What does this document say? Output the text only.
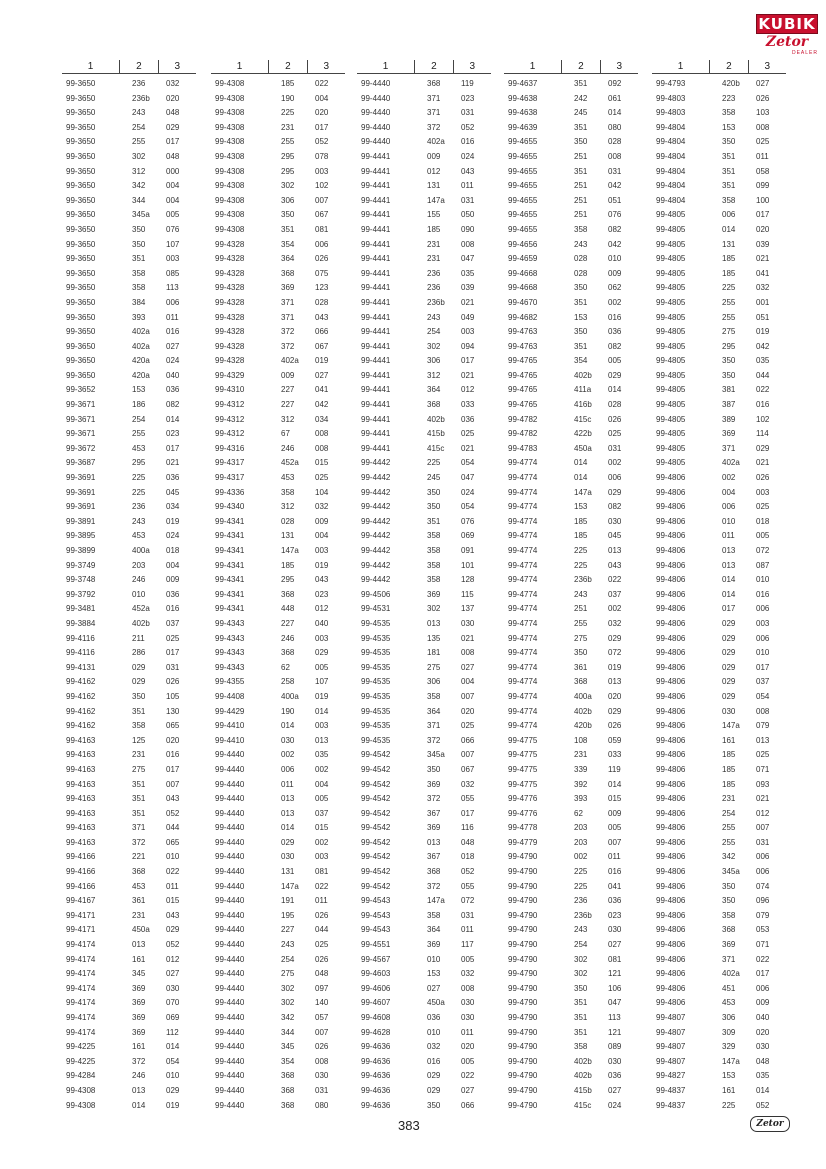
KUBIK
Zetor
DEALER
1	2	3
99-3650	236	032
99-3650	236b	020
99-3650	243	048
99-3650	254	029
99-3650	255	017
99-3650	302	048
99-3650	312	000
99-3650	342	004
99-3650	344	004
99-3650	345a	005
99-3650	350	076
99-3650	350	107
99-3650	351	003
99-3650	358	085
99-3650	358	113
99-3650	384	006
99-3650	393	011
99-3650	402a	016
99-3650	402a	027
99-3650	420a	024
99-3650	420a	040
99-3652	153	036
99-3671	186	082
99-3671	254	014
99-3671	255	023
99-3672	453	017
99-3687	295	021
99-3691	225	036
99-3691	225	045
99-3691	236	034
99-3891	243	019
99-3895	453	024
99-3899	400a	018
99-3749	203	004
99-3748	246	009
99-3792	010	036
99-3481	452a	016
99-3884	402b	037
99-4116	211	025
99-4116	286	017
99-4131	029	031
99-4162	029	026
99-4162	350	105
99-4162	351	130
99-4162	358	065
99-4163	125	020
99-4163	231	016
99-4163	275	017
99-4163	351	007
99-4163	351	043
99-4163	351	052
99-4163	371	044
99-4163	372	065
99-4166	221	010
99-4166	368	022
99-4166	453	011
99-4167	361	015
99-4171	231	043
99-4171	450a	029
99-4174	013	052
99-4174	161	012
99-4174	345	027
99-4174	369	030
99-4174	369	070
99-4174	369	069
99-4174	369	112
99-4225	161	014
99-4225	372	054
99-4284	246	010
99-4308	013	029
99-4308	014	019
1	2	3
99-4308	185	022
99-4308	190	004
99-4308	225	020
99-4308	231	017
99-4308	255	052
99-4308	295	078
99-4308	295	003
99-4308	302	102
99-4308	306	007
99-4308	350	067
99-4308	351	081
99-4328	354	006
99-4328	364	026
99-4328	368	075
99-4328	369	123
99-4328	371	028
99-4328	371	043
99-4328	372	066
99-4328	372	067
99-4328	402a	019
99-4329	009	027
99-4310	227	041
99-4312	227	042
99-4312	312	034
99-4312	67	008
99-4316	246	008
99-4317	452a	015
99-4317	453	025
99-4336	358	104
99-4340	312	032
99-4341	028	009
99-4341	131	004
99-4341	147a	003
99-4341	185	019
99-4341	295	043
99-4341	368	023
99-4341	448	012
99-4343	227	040
99-4343	246	003
99-4343	368	029
99-4343	62	005
99-4355	258	107
99-4408	400a	019
99-4429	190	014
99-4410	014	003
99-4410	030	013
99-4440	002	035
99-4440	006	002
99-4440	011	004
99-4440	013	005
99-4440	013	037
99-4440	014	015
99-4440	029	002
99-4440	030	003
99-4440	131	081
99-4440	147a	022
99-4440	191	011
99-4440	195	026
99-4440	227	044
99-4440	243	025
99-4440	254	026
99-4440	275	048
99-4440	302	097
99-4440	302	140
99-4440	342	057
99-4440	344	007
99-4440	345	026
99-4440	354	008
99-4440	368	030
99-4440	368	031
99-4440	368	080
1	2	3
99-4440	368	119
99-4440	371	023
99-4440	371	031
99-4440	372	052
99-4440	402a	016
99-4441	009	024
99-4441	012	043
99-4441	131	011
99-4441	147a	031
99-4441	155	050
99-4441	185	090
99-4441	231	008
99-4441	231	047
99-4441	236	035
99-4441	236	039
99-4441	236b	021
99-4441	243	049
99-4441	254	003
99-4441	302	094
99-4441	306	017
99-4441	312	021
99-4441	364	012
99-4441	368	033
99-4441	402b	036
99-4441	415b	025
99-4441	415c	021
99-4442	225	054
99-4442	245	047
99-4442	350	024
99-4442	350	054
99-4442	351	076
99-4442	358	069
99-4442	358	091
99-4442	358	101
99-4442	358	128
99-4506	369	115
99-4531	302	137
99-4535	013	030
99-4535	135	021
99-4535	181	008
99-4535	275	027
99-4535	306	004
99-4535	358	007
99-4535	364	020
99-4535	371	025
99-4535	372	066
99-4542	345a	007
99-4542	350	067
99-4542	369	032
99-4542	372	055
99-4542	367	017
99-4542	369	116
99-4542	013	048
99-4542	367	018
99-4542	368	052
99-4542	372	055
99-4543	147a	072
99-4543	358	031
99-4543	364	011
99-4551	369	117
99-4567	010	005
99-4603	153	032
99-4606	027	008
99-4607	450a	030
99-4608	036	030
99-4628	010	011
99-4636	032	020
99-4636	016	005
99-4636	029	022
99-4636	029	027
99-4636	350	066
1	2	3
99-4637	351	092
99-4638	242	061
99-4638	245	014
99-4639	351	080
99-4655	350	028
99-4655	251	008
99-4655	351	031
99-4655	251	042
99-4655	251	051
99-4655	251	076
99-4655	358	082
99-4656	243	042
99-4659	028	010
99-4668	028	009
99-4668	350	062
99-4670	351	002
99-4682	153	016
99-4763	350	036
99-4763	351	082
99-4765	354	005
99-4765	402b	029
99-4765	411a	014
99-4765	416b	028
99-4782	415c	026
99-4782	422b	025
99-4783	450a	031
99-4774	014	002
99-4774	014	006
99-4774	147a	029
99-4774	153	082
99-4774	185	030
99-4774	185	045
99-4774	225	013
99-4774	225	043
99-4774	236b	022
99-4774	243	037
99-4774	251	002
99-4774	255	032
99-4774	275	029
99-4774	350	072
99-4774	361	019
99-4774	368	013
99-4774	400a	020
99-4774	402b	029
99-4774	420b	026
99-4775	108	059
99-4775	231	033
99-4775	339	119
99-4775	392	014
99-4776	393	015
99-4776	62	009
99-4778	203	005
99-4779	203	007
99-4790	002	011
99-4790	225	016
99-4790	225	041
99-4790	236	036
99-4790	236b	023
99-4790	243	030
99-4790	254	027
99-4790	302	081
99-4790	302	121
99-4790	350	106
99-4790	351	047
99-4790	351	113
99-4790	351	121
99-4790	358	089
99-4790	402b	030
99-4790	402b	036
99-4790	415b	027
99-4790	415c	024
1	2	3
99-4793	420b	027
99-4803	223	026
99-4803	358	103
99-4804	153	008
99-4804	350	025
99-4804	351	011
99-4804	351	058
99-4804	351	099
99-4804	358	100
99-4805	006	017
99-4805	014	020
99-4805	131	039
99-4805	185	021
99-4805	185	041
99-4805	225	032
99-4805	255	001
99-4805	255	051
99-4805	275	019
99-4805	295	042
99-4805	350	035
99-4805	350	044
99-4805	381	022
99-4805	387	016
99-4805	389	102
99-4805	369	114
99-4805	371	029
99-4805	402a	021
99-4806	002	026
99-4806	004	003
99-4806	006	025
99-4806	010	018
99-4806	011	005
99-4806	013	072
99-4806	013	087
99-4806	014	010
99-4806	014	016
99-4806	017	006
99-4806	029	003
99-4806	029	006
99-4806	029	010
99-4806	029	017
99-4806	029	037
99-4806	029	054
99-4806	030	008
99-4806	147a	079
99-4806	161	013
99-4806	185	025
99-4806	185	071
99-4806	185	093
99-4806	231	021
99-4806	254	012
99-4806	255	007
99-4806	255	031
99-4806	342	006
99-4806	345a	006
99-4806	350	074
99-4806	350	096
99-4806	358	079
99-4806	368	053
99-4806	369	071
99-4806	371	022
99-4806	402a	017
99-4806	451	006
99-4806	453	009
99-4807	306	040
99-4807	309	020
99-4807	329	030
99-4807	147a	048
99-4827	153	035
99-4837	161	014
99-4837	225	052
383	Zetor
